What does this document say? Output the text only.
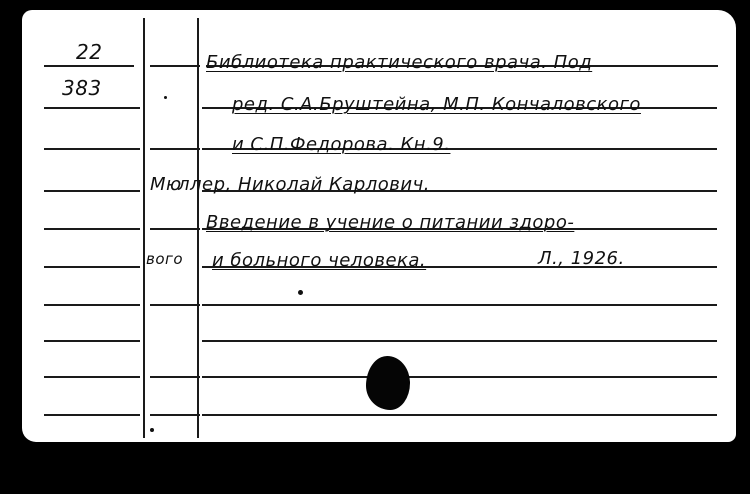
22
383
Библиотека практического врача. Под
ред. С.А.Бруштейна, М.П. Кончаловского
и С.П.Федорова. Кн.9.
Мю
ллер, Николай Карлович.
Введение в учение о питании здоро-
вого и больного человека.	Л., 1926.
